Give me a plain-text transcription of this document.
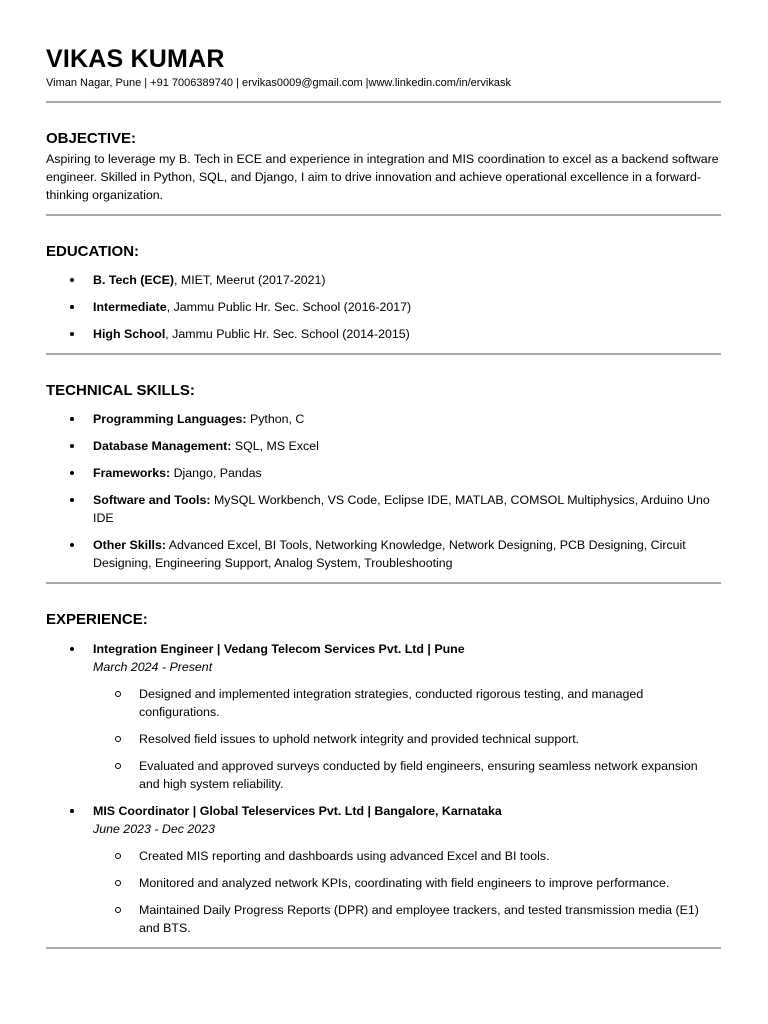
VIKAS KUMAR
Viman Nagar, Pune | +91 7006389740 | ervikas0009@gmail.com |www.linkedin.com/in/ervikask
OBJECTIVE:

Aspiring to leverage my B. Tech in ECE and experience in integration and MIS coordination to excel as a backend software engineer. Skilled in Python, SQL, and Django, I aim to drive innovation and achieve operational excellence in a forward-thinking organization.

EDUCATION:
B. Tech (ECE), MIET, Meerut (2017-2021)
Intermediate, Jammu Public Hr. Sec. School (2016-2017)
High School, Jammu Public Hr. Sec. School (2014-2015)
TECHNICAL SKILLS:
Programming Languages: Python, C
Database Management: SQL, MS Excel
Frameworks: Django, Pandas
Software and Tools: MySQL Workbench, VS Code, Eclipse IDE, MATLAB, COMSOL Multiphysics, Arduino Uno IDE
Other Skills: Advanced Excel, BI Tools, Networking Knowledge, Network Designing, PCB Designing, Circuit Designing, Engineering Support, Analog System, Troubleshooting
EXPERIENCE:
Integration Engineer | Vedang Telecom Services Pvt. Ltd | Pune
March 2024 - Present
Designed and implemented integration strategies, conducted rigorous testing, and managed configurations.
Resolved field issues to uphold network integrity and provided technical support.
Evaluated and approved surveys conducted by field engineers, ensuring seamless network expansion and high system reliability.
MIS Coordinator | Global Teleservices Pvt. Ltd | Bangalore, Karnataka
June 2023 - Dec 2023
Created MIS reporting and dashboards using advanced Excel and BI tools.
Monitored and analyzed network KPIs, coordinating with field engineers to improve performance.
Maintained Daily Progress Reports (DPR) and employee trackers, and tested transmission media (E1) and BTS.
